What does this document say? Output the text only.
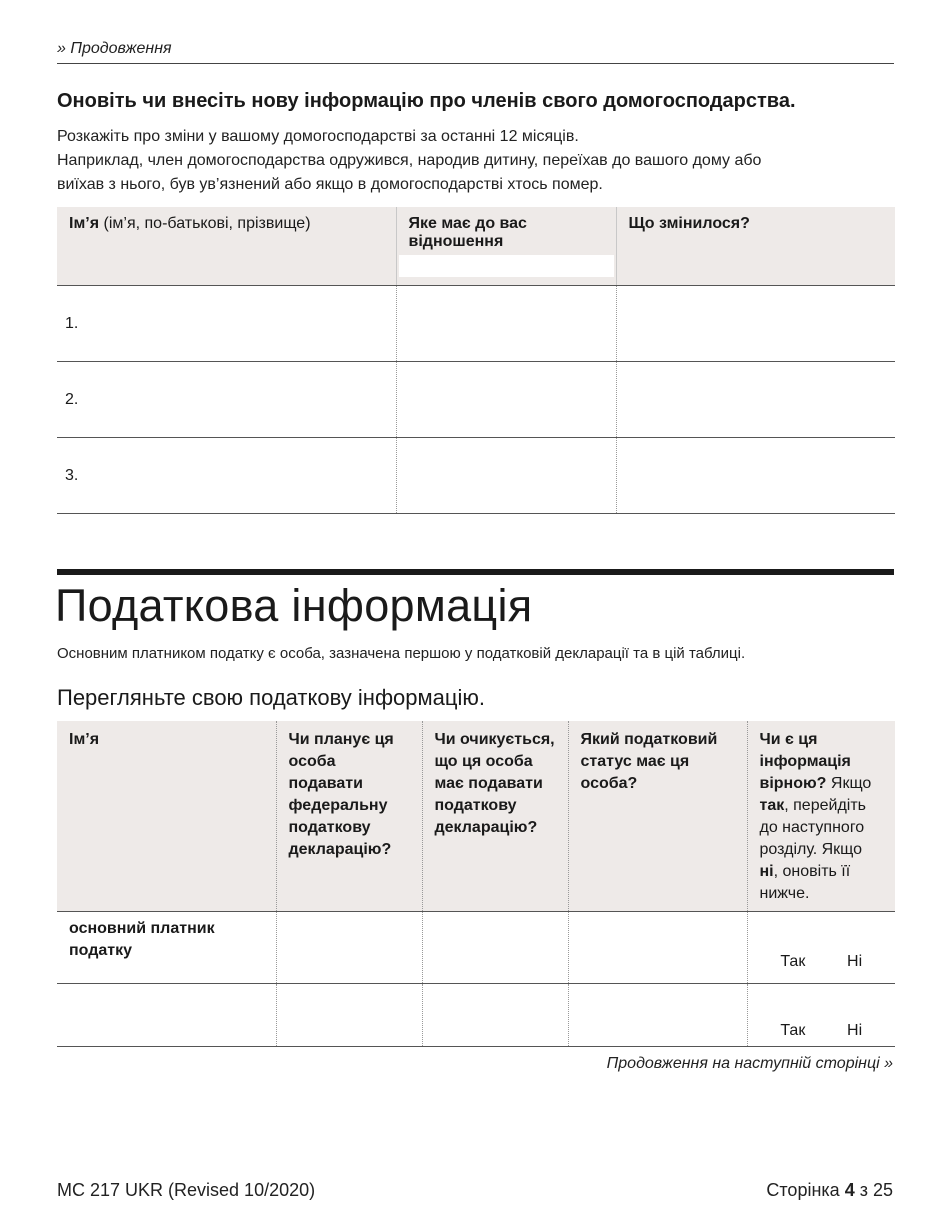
» Продовження
Оновіть чи внесіть нову інформацію про членів свого домогосподарства.
Розкажіть про зміни у вашому домогосподарстві за останні 12 місяців.
Наприклад, член домогосподарства одружився, народив дитину, переїхав до вашого дому або
виїхав з нього, був ув’язнений або якщо в домогосподарстві хтось помер.
Ім’я (ім’я, по-батькові, прізвище)	Яке має до вас відношення	Що змінилося?
1.		
2.		
3.		
Податкова інформація
Основним платником податку є особа, зазначена першою у податковій декларації та в цій таблиці.
Перегляньте свою податкову інформацію.
Ім’я	Чи планує ця особа подавати федеральну податкову декларацію?	Чи очикується, що ця особа має подавати податкову декларацію?	Який податковий статус має ця особа?	Чи є ця інформація вірною? Якщо так, перейдіть до наступного розділу. Якщо ні, оновіть її нижче.
основний платник податку				Так Ні

				Так Ні
Продовження на наступній сторінці »
MC 217 UKR (Revised 10/2020)	Сторінка 4 з 25
